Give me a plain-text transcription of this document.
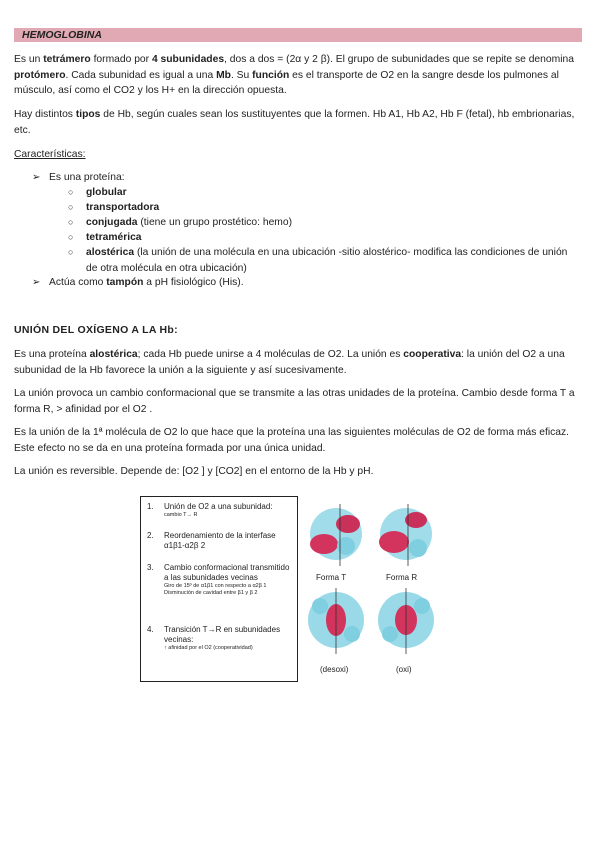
HEMOGLOBINA

Es un tetrámero formado por 4 subunidades, dos a dos = (2α y 2 β). El grupo de subunidades que se repite se denomina protómero. Cada subunidad es igual a una Mb. Su función es el transporte de O2 en la sangre desde los pulmones al músculo, así como el CO2 y los H+ en la dirección opuesta.

Hay distintos tipos de Hb, según cuales sean los sustituyentes que la formen. Hb A1, Hb A2, Hb F (fetal), hb embrionarias, etc.

Características:

➢ Es una proteína:
○ globular
○ transportadora
○ conjugada (tiene un grupo prostético: hemo)
○ tetramérica
○ alostérica (la unión de una molécula en una ubicación -sitio alostérico- modifica las condiciones de unión de otra molécula en otra ubicación)
➢ Actúa como tampón a pH fisiológico (His).
UNIÓN DEL OXÍGENO A LA Hb:

Es una proteína alostérica; cada Hb puede unirse a 4 moléculas de O2. La unión es cooperativa: la unión del O2 a una subunidad de la Hb favorece la unión a la siguiente y así sucesivamente.

La unión provoca un cambio conformacional que se transmite a las otras unidades de la proteína. Cambio desde forma T a forma R, > afinidad por el O2 .

Es la unión de la 1ª molécula de O2 lo que hace que la proteína una las siguientes moléculas de O2 de forma más eficaz. Este efecto no se da en una proteína formada por una única unidad.

La unión es reversible. Depende de: [O2 ] y [CO2] en el entorno de la Hb y pH.

1. Unión de O2 a una subunidad:
cambio T→ R
2. Reordenamiento de la interfase α1β1-α2β 2
3. Cambio conformacional transmitido a las subunidades vecinas
Giro de 15º de α1β1 con respecto a α2β 1 Disminución de cavidad entre β1 y β 2
4. Transición T→R en subunidades vecinas:
↑ afinidad por el O2 (cooperatividad)
Forma T	Forma R
(desoxi)	(oxi)
